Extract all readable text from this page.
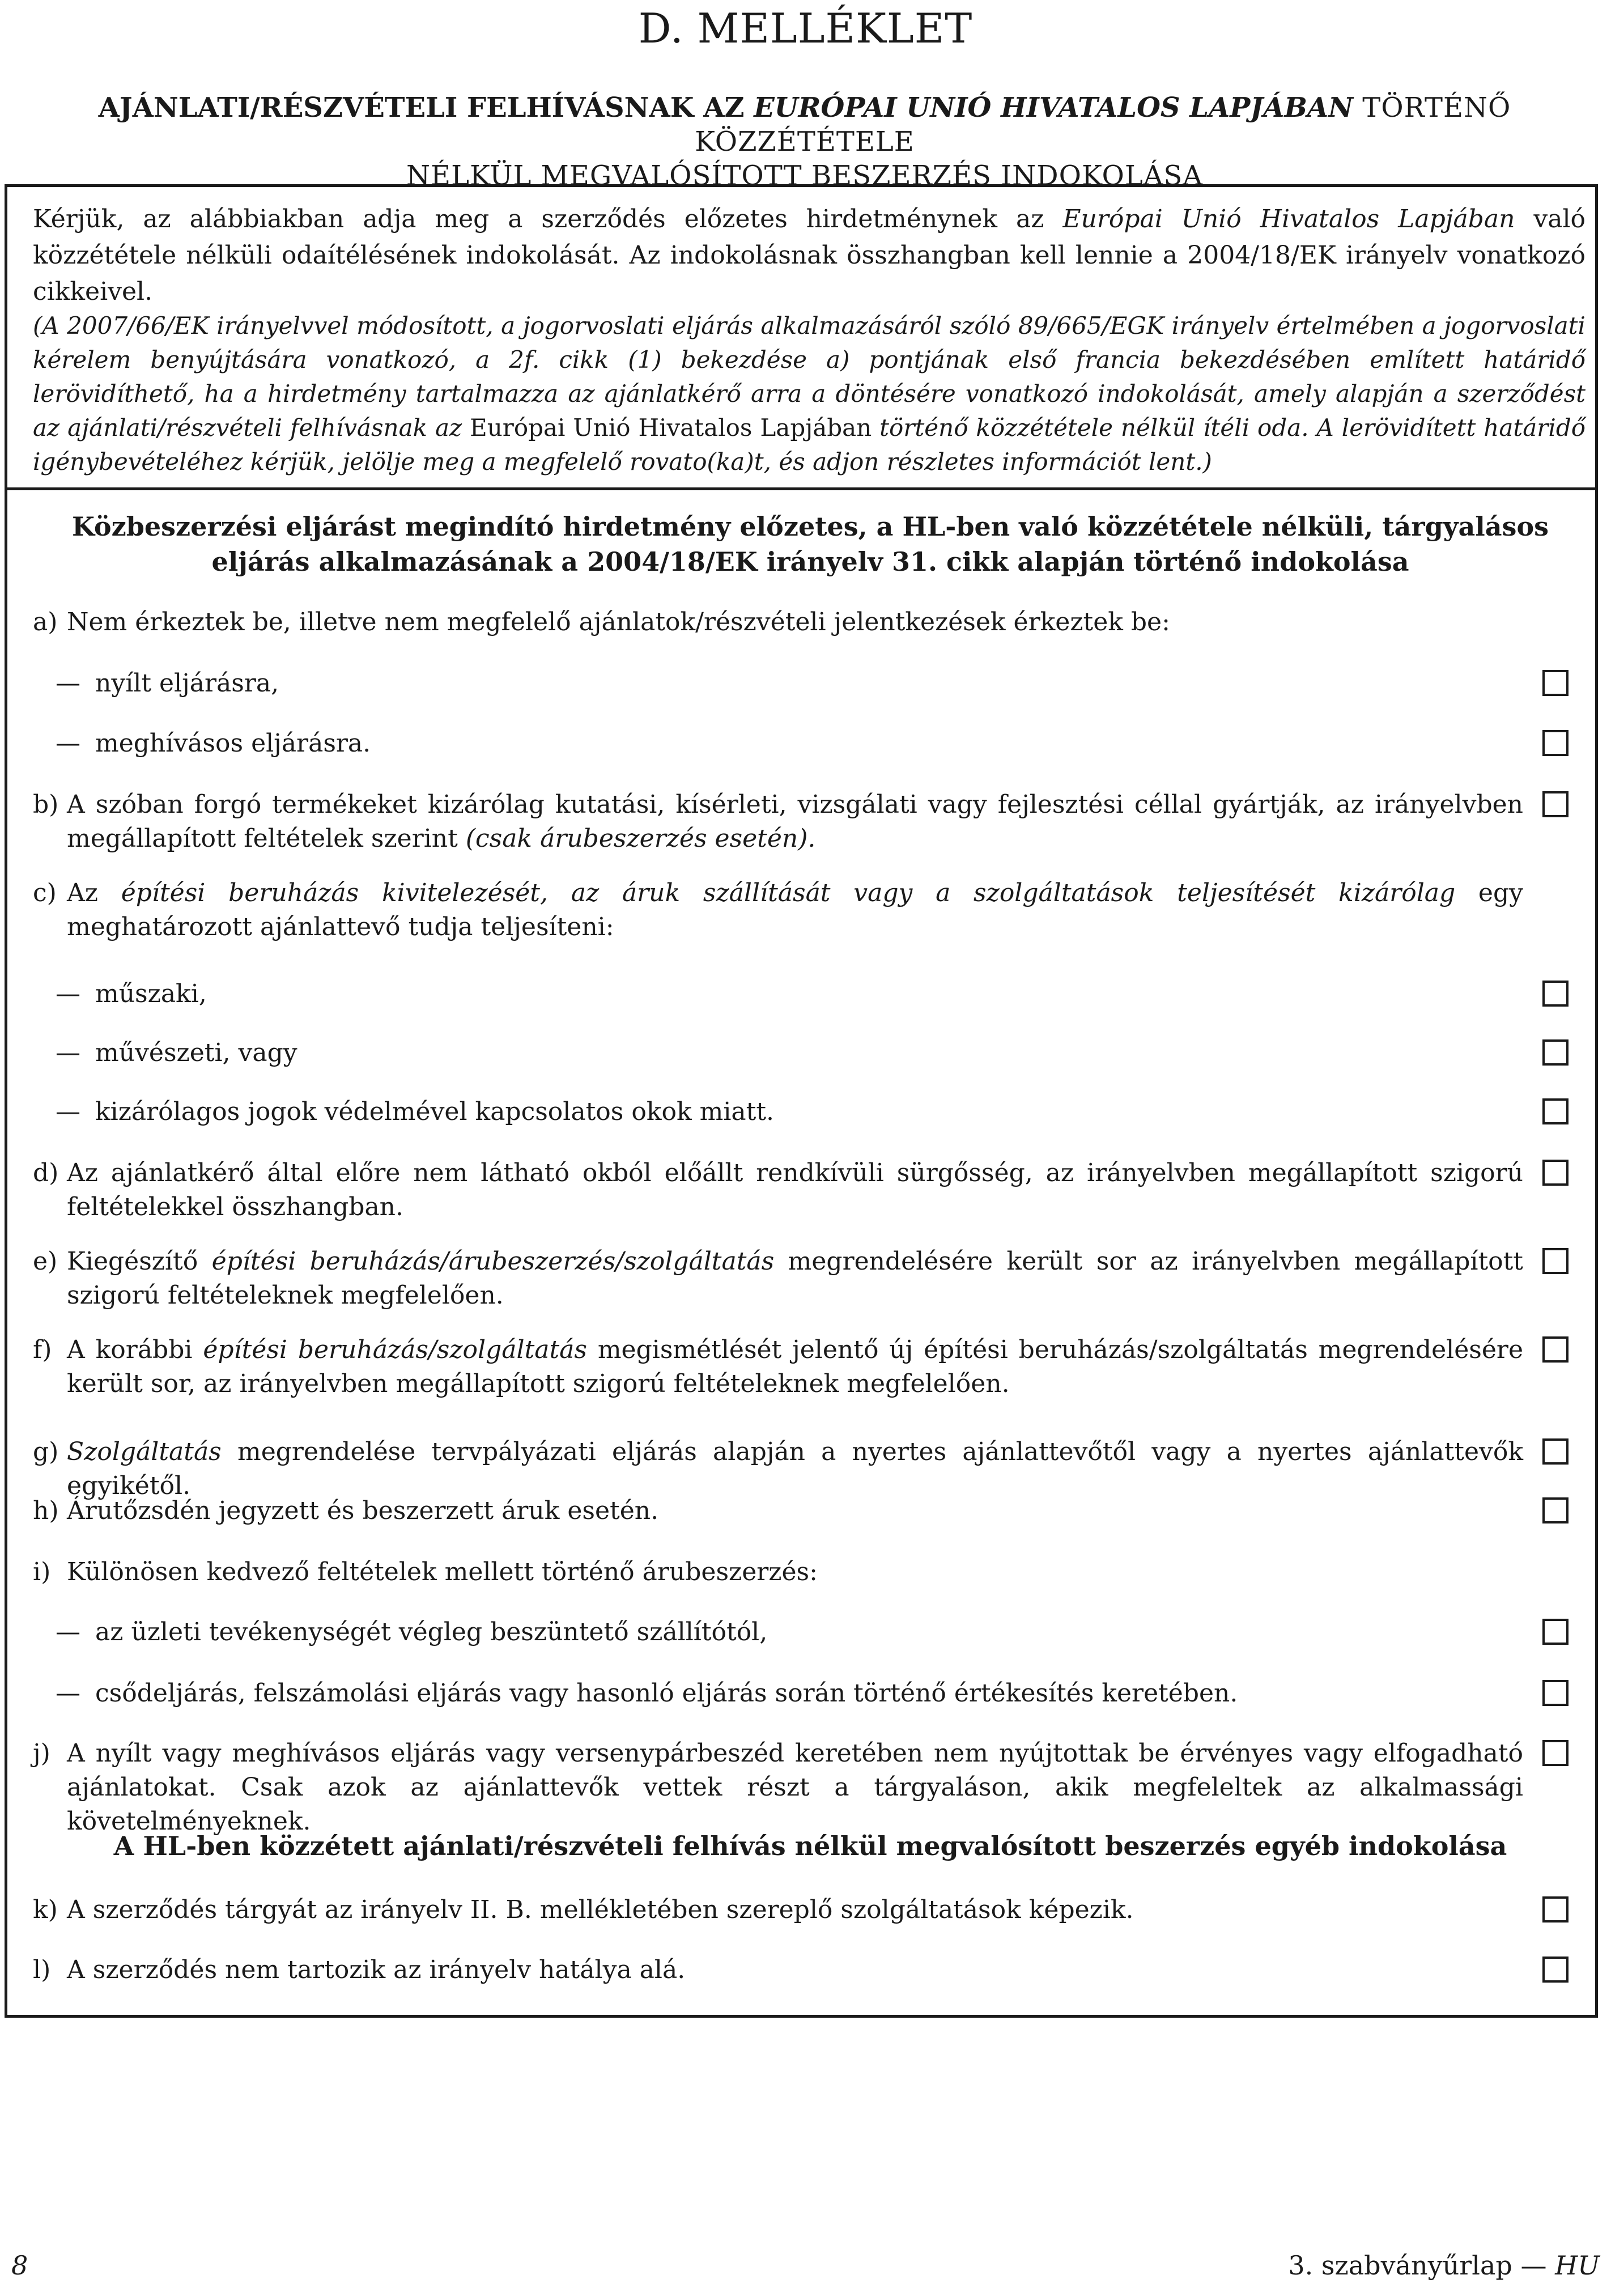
D. MELLÉKLET
AJÁNLATI/RÉSZVÉTELI FELHÍVÁSNAK AZ EURÓPAI UNIÓ HIVATALOS LAPJÁBAN TÖRTÉNŐ KÖZZÉTÉTELE
NÉLKÜL MEGVALÓSÍTOTT BESZERZÉS INDOKOLÁSA
Kérjük, az alábbiakban adja meg a szerződés előzetes hirdetménynek az Európai Unió Hivatalos Lapjában való közzététele nélküli odaítélésének indokolását. Az indokolásnak összhangban kell lennie a 2004/18/EK irányelv vonatkozó cikkeivel.
(A 2007/66/EK irányelvvel módosított, a jogorvoslati eljárás alkalmazásáról szóló 89/665/EGK irányelv értelmében a jogorvoslati kérelem benyújtására vonatkozó, a 2f. cikk (1) bekezdése a) pontjának első francia bekezdésében említett határidő lerövidíthető, ha a hirdetmény tartalmazza az ajánlatkérő arra a döntésére vonatkozó indokolását, amely alapján a szerződést az ajánlati/részvételi felhívásnak az Európai Unió Hivatalos Lapjában történő közzététele nélkül ítéli oda. A lerövidített határidő igénybevételéhez kérjük, jelölje meg a megfelelő rovato(ka)t, és adjon részletes információt lent.)
Közbeszerzési eljárást megindító hirdetmény előzetes, a HL-ben való közzététele nélküli, tárgyalásos eljárás alkalmazásának a 2004/18/EK irányelv 31. cikk alapján történő indokolása
a) Nem érkeztek be, illetve nem megfelelő ajánlatok/részvételi jelentkezések érkeztek be:
— nyílt eljárásra,
— meghívásos eljárásra.
b) A szóban forgó termékeket kizárólag kutatási, kísérleti, vizsgálati vagy fejlesztési céllal gyártják, az irányelvben megállapított feltételek szerint (csak árubeszerzés esetén).
c) Az építési beruházás kivitelezését, az áruk szállítását vagy a szolgáltatások teljesítését kizárólag egy meghatározott ajánlattevő tudja teljesíteni:
— műszaki,
— művészeti, vagy
— kizárólagos jogok védelmével kapcsolatos okok miatt.
d) Az ajánlatkérő által előre nem látható okból előállt rendkívüli sürgősség, az irányelvben megállapított szigorú feltételekkel összhangban.
e) Kiegészítő építési beruházás/árubeszerzés/szolgáltatás megrendelésére került sor az irányelvben megállapított szigorú feltételeknek megfelelően.
f) A korábbi építési beruházás/szolgáltatás megismétlését jelentő új építési beruházás/szolgáltatás megrendelésére került sor, az irányelvben megállapított szigorú feltételeknek megfelelően.
g) Szolgáltatás megrendelése tervpályázati eljárás alapján a nyertes ajánlattevőtől vagy a nyertes ajánlattevők egyikétől.
h) Árutőzsdén jegyzett és beszerzett áruk esetén.
i) Különösen kedvező feltételek mellett történő árubeszerzés:
— az üzleti tevékenységét végleg beszüntető szállítótól,
— csődeljárás, felszámolási eljárás vagy hasonló eljárás során történő értékesítés keretében.
j) A nyílt vagy meghívásos eljárás vagy versenypárbeszéd keretében nem nyújtottak be érvényes vagy elfogadható ajánlatokat. Csak azok az ajánlattevők vettek részt a tárgyaláson, akik megfeleltek az alkalmassági követelményeknek.
A HL-ben közzétett ajánlati/részvételi felhívás nélkül megvalósított beszerzés egyéb indokolása
k) A szerződés tárgyát az irányelv II. B. mellékletében szereplő szolgáltatások képezik.
l) A szerződés nem tartozik az irányelv hatálya alá.
8	3. szabványűrlap — HU
